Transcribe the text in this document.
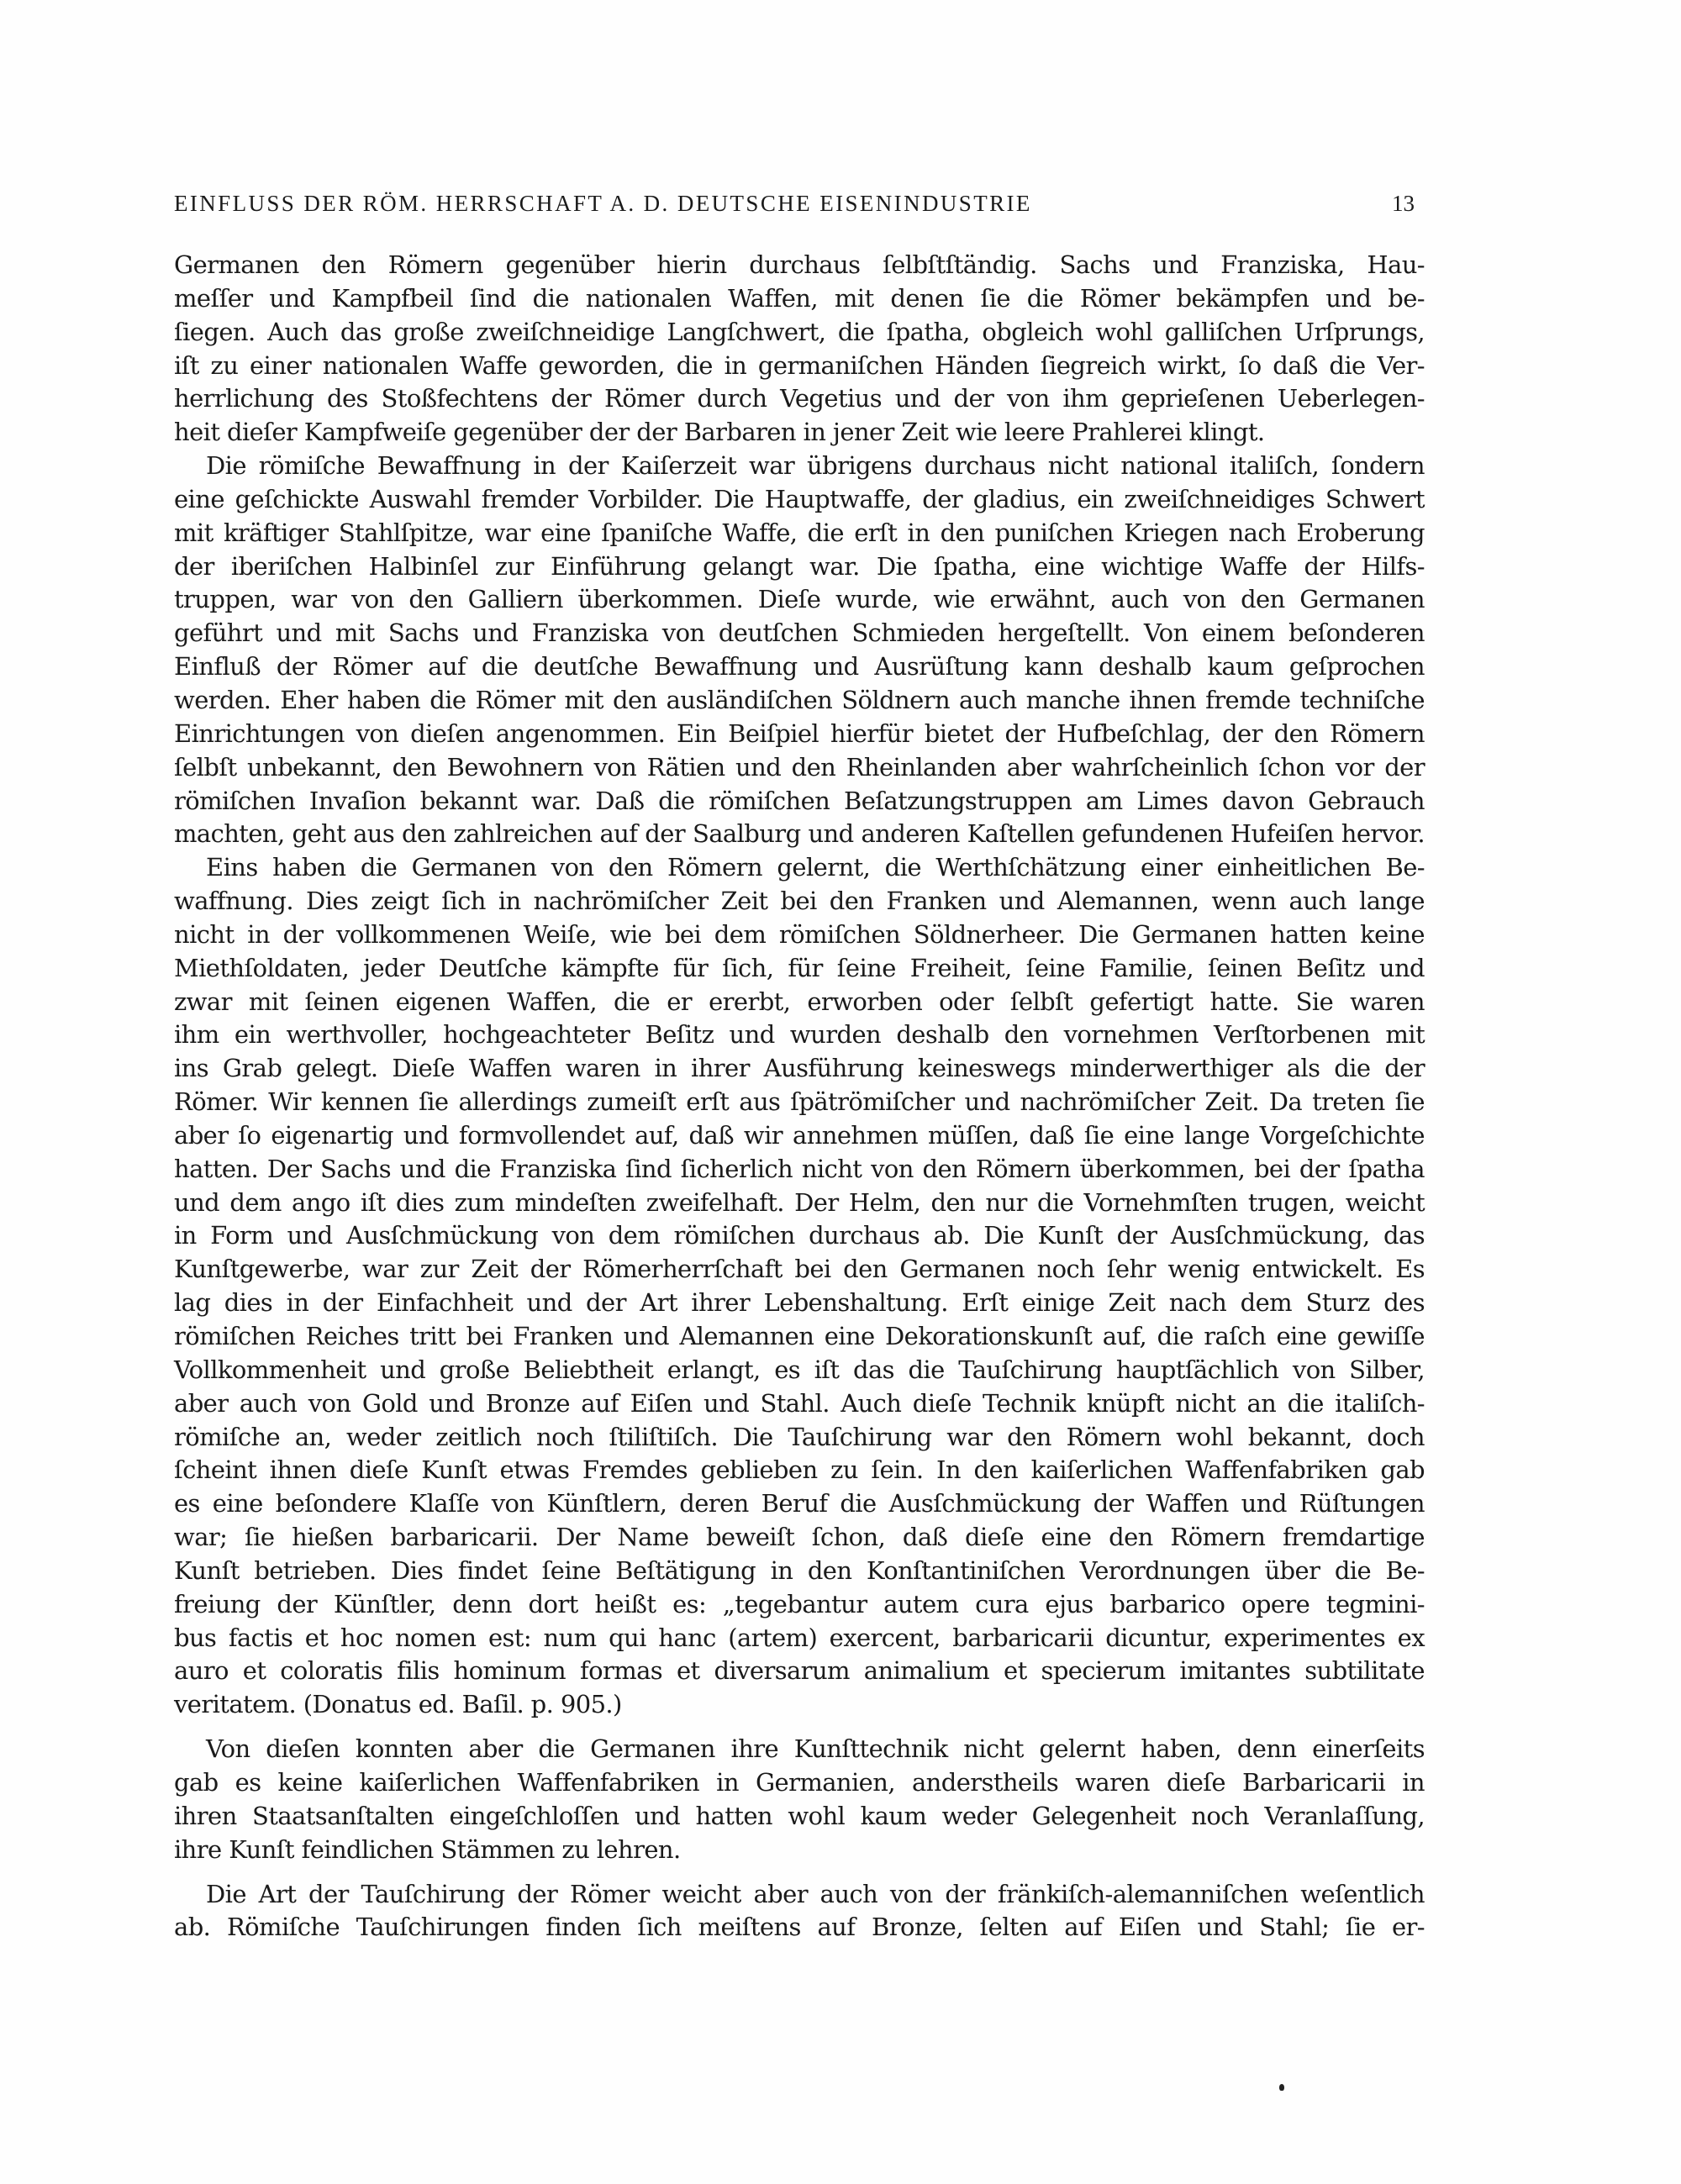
EINFLUSS DER RÖM. HERRSCHAFT A. D. DEUTSCHE EISENINDUSTRIE	13
Germanen den Römern gegenüber hierin durchaus ſelbſtſtändig. Sachs und Franziska, Hau-
meſſer und Kampfbeil ſind die nationalen Waffen, mit denen ſie die Römer bekämpfen und be-
ſiegen. Auch das große zweiſchneidige Langſchwert, die ſpatha, obgleich wohl galliſchen Urſprungs,
iſt zu einer nationalen Waffe geworden, die in germaniſchen Händen ſiegreich wirkt, ſo daß die Ver-
herrlichung des Stoßfechtens der Römer durch Vegetius und der von ihm geprieſenen Ueberlegen-
heit dieſer Kampfweiſe gegenüber der der Barbaren in jener Zeit wie leere Prahlerei klingt.
Die römiſche Bewaffnung in der Kaiſerzeit war übrigens durchaus nicht national italiſch, ſondern
eine geſchickte Auswahl fremder Vorbilder. Die Hauptwaffe, der gladius, ein zweiſchneidiges Schwert
mit kräftiger Stahlſpitze, war eine ſpaniſche Waffe, die erſt in den puniſchen Kriegen nach Eroberung
der iberiſchen Halbinſel zur Einführung gelangt war. Die ſpatha, eine wichtige Waffe der Hilfs-
truppen, war von den Galliern überkommen. Dieſe wurde, wie erwähnt, auch von den Germanen
geführt und mit Sachs und Franziska von deutſchen Schmieden hergeſtellt. Von einem beſonderen
Einfluß der Römer auf die deutſche Bewaffnung und Ausrüſtung kann deshalb kaum geſprochen
werden. Eher haben die Römer mit den ausländiſchen Söldnern auch manche ihnen fremde techniſche
Einrichtungen von dieſen angenommen. Ein Beiſpiel hierfür bietet der Hufbeſchlag, der den Römern
ſelbſt unbekannt, den Bewohnern von Rätien und den Rheinlanden aber wahrſcheinlich ſchon vor der
römiſchen Invaſion bekannt war. Daß die römiſchen Beſatzungstruppen am Limes davon Gebrauch
machten, geht aus den zahlreichen auf der Saalburg und anderen Kaſtellen gefundenen Hufeiſen hervor.
Eins haben die Germanen von den Römern gelernt, die Werthſchätzung einer einheitlichen Be-
waffnung. Dies zeigt ſich in nachrömiſcher Zeit bei den Franken und Alemannen, wenn auch lange
nicht in der vollkommenen Weiſe, wie bei dem römiſchen Söldnerheer. Die Germanen hatten keine
Miethſoldaten, jeder Deutſche kämpfte für ſich, für ſeine Freiheit, ſeine Familie, ſeinen Beſitz und
zwar mit ſeinen eigenen Waffen, die er ererbt, erworben oder ſelbſt gefertigt hatte. Sie waren
ihm ein werthvoller, hochgeachteter Beſitz und wurden deshalb den vornehmen Verſtorbenen mit
ins Grab gelegt. Dieſe Waffen waren in ihrer Ausführung keineswegs minderwerthiger als die der
Römer. Wir kennen ſie allerdings zumeiſt erſt aus ſpätrömiſcher und nachrömiſcher Zeit. Da treten ſie
aber ſo eigenartig und formvollendet auf, daß wir annehmen müſſen, daß ſie eine lange Vorgeſchichte
hatten. Der Sachs und die Franziska ſind ſicherlich nicht von den Römern überkommen, bei der ſpatha
und dem ango iſt dies zum mindeſten zweifelhaft. Der Helm, den nur die Vornehmſten trugen, weicht
in Form und Ausſchmückung von dem römiſchen durchaus ab. Die Kunſt der Ausſchmückung, das
Kunſtgewerbe, war zur Zeit der Römerherrſchaft bei den Germanen noch ſehr wenig entwickelt. Es
lag dies in der Einfachheit und der Art ihrer Lebenshaltung. Erſt einige Zeit nach dem Sturz des
römiſchen Reiches tritt bei Franken und Alemannen eine Dekorationskunſt auf, die raſch eine gewiſſe
Vollkommenheit und große Beliebtheit erlangt, es iſt das die Tauſchirung hauptſächlich von Silber,
aber auch von Gold und Bronze auf Eiſen und Stahl. Auch dieſe Technik knüpft nicht an die italiſch-
römiſche an, weder zeitlich noch ſtiliſtiſch. Die Tauſchirung war den Römern wohl bekannt, doch
ſcheint ihnen dieſe Kunſt etwas Fremdes geblieben zu ſein. In den kaiſerlichen Waffenfabriken gab
es eine beſondere Klaſſe von Künſtlern, deren Beruf die Ausſchmückung der Waffen und Rüſtungen
war; ſie hießen barbaricarii. Der Name beweiſt ſchon, daß dieſe eine den Römern fremdartige
Kunſt betrieben. Dies findet ſeine Beſtätigung in den Konſtantiniſchen Verordnungen über die Be-
freiung der Künſtler, denn dort heißt es: „tegebantur autem cura ejus barbarico opere tegmini-
bus factis et hoc nomen est: num qui hanc (artem) exercent, barbaricarii dicuntur, experimentes ex
auro et coloratis filis hominum formas et diversarum animalium et specierum imitantes subtilitate
veritatem. (Donatus ed. Baſil. p. 905.)
Von dieſen konnten aber die Germanen ihre Kunſttechnik nicht gelernt haben, denn einerſeits
gab es keine kaiſerlichen Waffenfabriken in Germanien, anderstheils waren dieſe Barbaricarii in
ihren Staatsanſtalten eingeſchloſſen und hatten wohl kaum weder Gelegenheit noch Veranlaſſung,
ihre Kunſt feindlichen Stämmen zu lehren.
Die Art der Tauſchirung der Römer weicht aber auch von der fränkiſch-alemanniſchen weſentlich
ab. Römiſche Tauſchirungen finden ſich meiſtens auf Bronze, ſelten auf Eiſen und Stahl; ſie er-
